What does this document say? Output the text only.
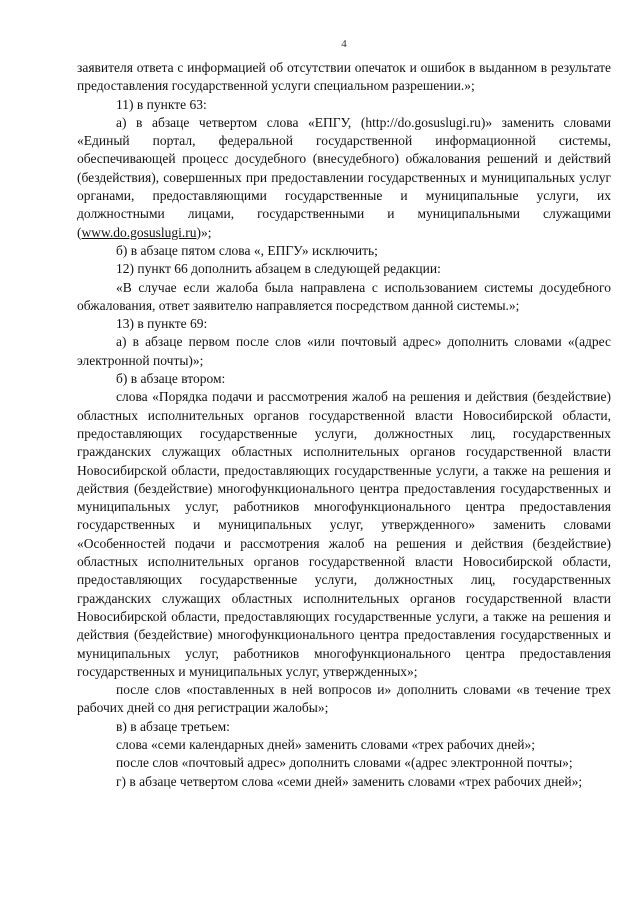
4

заявителя ответа с информацией об отсутствии опечаток и ошибок в выданном в результате предоставления государственной услуги специальном разрешении.»;

11) в пункте 63:

а) в абзаце четвертом слова «ЕПГУ, (http://do.gosuslugi.ru)» заменить словами «Единый портал, федеральной государственной информационной системы, обеспечивающей процесс досудебного (внесудебного) обжалования решений и действий (бездействия), совершенных при предоставлении государственных и муниципальных услуг органами, предоставляющими государственные и муниципальные услуги, их должностными лицами, государственными и муниципальными служащими (www.do.gosuslugi.ru)»;

б) в абзаце пятом слова «, ЕПГУ» исключить;

12) пункт 66 дополнить абзацем в следующей редакции:

«В случае если жалоба была направлена с использованием системы досудебного обжалования, ответ заявителю направляется посредством данной системы.»;

13) в пункте 69:

а) в абзаце первом после слов «или почтовый адрес» дополнить словами «(адрес электронной почты)»;

б) в абзаце втором:

слова «Порядка подачи и рассмотрения жалоб на решения и действия (бездействие) областных исполнительных органов государственной власти Новосибирской области, предоставляющих государственные услуги, должностных лиц, государственных гражданских служащих областных исполнительных органов государственной власти Новосибирской области, предоставляющих государственные услуги, а также на решения и действия (бездействие) многофункционального центра предоставления государственных и муниципальных услуг, работников многофункционального центра предоставления государственных и муниципальных услуг, утвержденного» заменить словами «Особенностей подачи и рассмотрения жалоб на решения и действия (бездействие) областных исполнительных органов государственной власти Новосибирской области, предоставляющих государственные услуги, должностных лиц, государственных гражданских служащих областных исполнительных органов государственной власти Новосибирской области, предоставляющих государственные услуги, а также на решения и действия (бездействие) многофункционального центра предоставления государственных и муниципальных услуг, работников многофункционального центра предоставления государственных и муниципальных услуг, утвержденных»;

после слов «поставленных в ней вопросов и» дополнить словами «в течение трех рабочих дней со дня регистрации жалобы»;

в) в абзаце третьем:

слова «семи календарных дней» заменить словами «трех рабочих дней»;

после слов «почтовый адрес» дополнить словами «(адрес электронной почты»;

г) в абзаце четвертом слова «семи дней» заменить словами «трех рабочих дней»;
